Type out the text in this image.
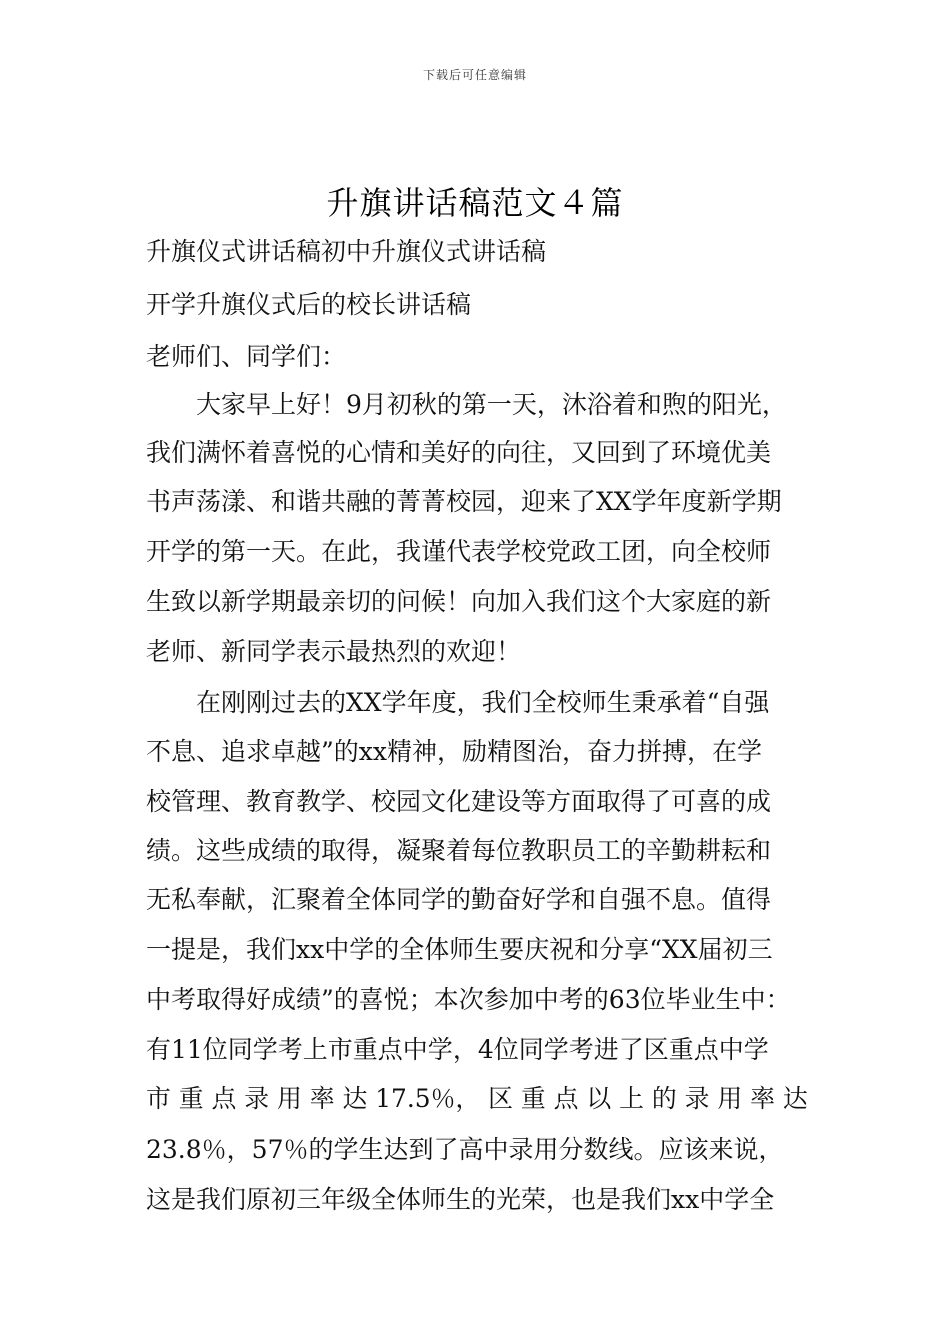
下载后可任意编辑
升旗讲话稿范文４篇
升旗仪式讲话稿初中升旗仪式讲话稿
开学升旗仪式后的校长讲话稿
老师们、同学们：
　　大家早上好！9月初秋的第一天，沐浴着和煦的阳光，
我们满怀着喜悦的心情和美好的向往，又回到了环境优美
书声荡漾、和谐共融的菁菁校园，迎来了XX学年度新学期
开学的第一天。在此，我谨代表学校党政工团，向全校师
生致以新学期最亲切的问候！向加入我们这个大家庭的新
老师、新同学表示最热烈的欢迎！
　　在刚刚过去的XX学年度，我们全校师生秉承着“自强
不息、追求卓越”的xx精神，励精图治，奋力拼搏，在学
校管理、教育教学、校园文化建设等方面取得了可喜的成
绩。这些成绩的取得，凝聚着每位教职员工的辛勤耕耘和
无私奉献，汇聚着全体同学的勤奋好学和自强不息。值得
一提是，我们xx中学的全体师生要庆祝和分享“XX届初三
中考取得好成绩”的喜悦；本次参加中考的63位毕业生中：
有11位同学考上市重点中学，4位同学考进了区重点中学
市 重 点 录 用 率 达 17.5％， 区 重 点 以 上 的 录 用 率 达
23.8％，57％的学生达到了高中录用分数线。应该来说，
这是我们原初三年级全体师生的光荣，也是我们xx中学全
